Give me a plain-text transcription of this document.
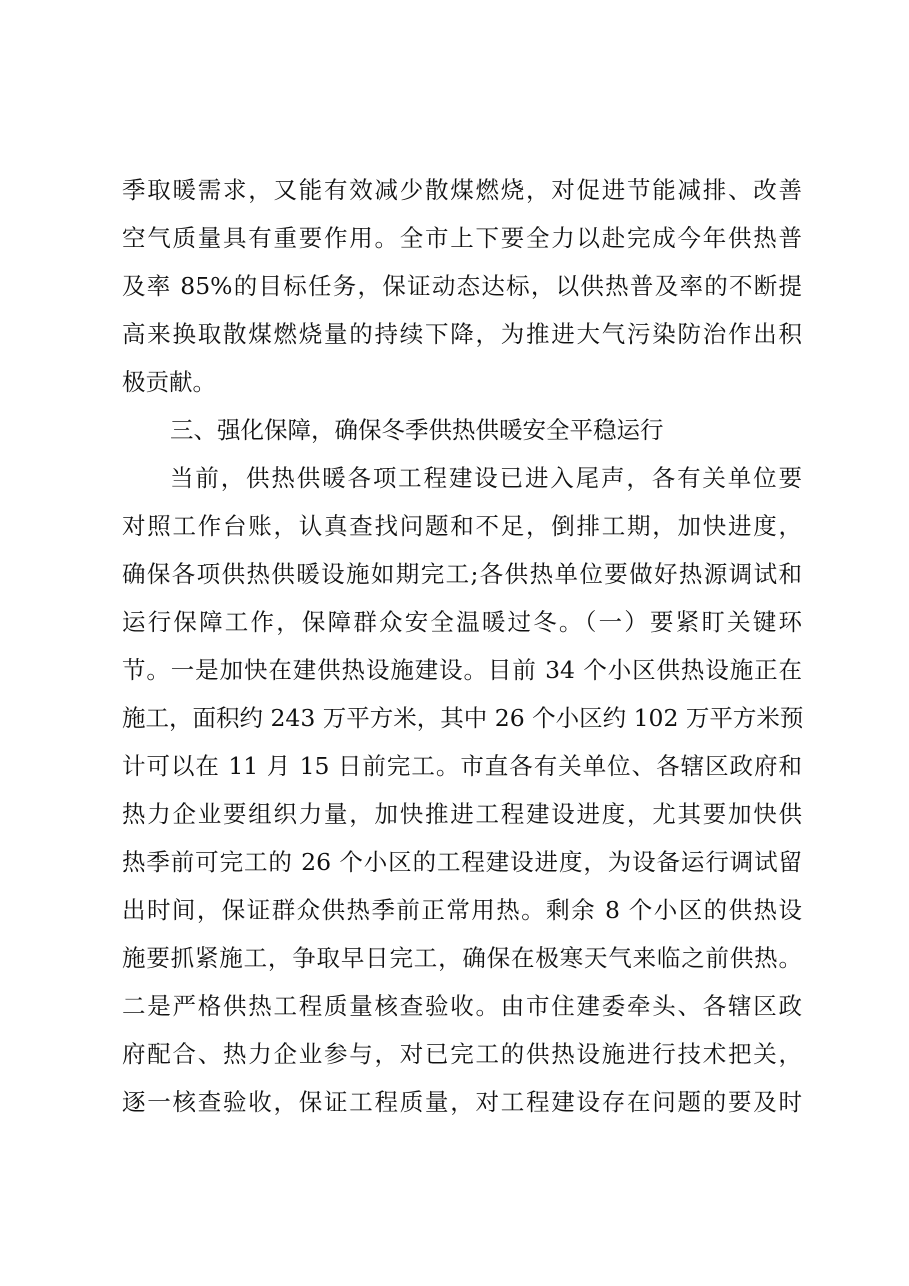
季取暖需求，又能有效减少散煤燃烧，对促进节能减排、改善
空气质量具有重要作用。全市上下要全力以赴完成今年供热普
及率 85%的目标任务，保证动态达标，以供热普及率的不断提
高来换取散煤燃烧量的持续下降，为推进大气污染防治作出积
极贡献。
三、强化保障，确保冬季供热供暖安全平稳运行
当前，供热供暖各项工程建设已进入尾声，各有关单位要
对照工作台账，认真查找问题和不足，倒排工期，加快进度，
确保各项供热供暖设施如期完工;各供热单位要做好热源调试和
运行保障工作，保障群众安全温暖过冬。（一）要紧盯关键环
节。一是加快在建供热设施建设。目前 34 个小区供热设施正在
施工，面积约 243 万平方米，其中 26 个小区约 102 万平方米预
计可以在 11 月 15 日前完工。市直各有关单位、各辖区政府和
热力企业要组织力量，加快推进工程建设进度，尤其要加快供
热季前可完工的 26 个小区的工程建设进度，为设备运行调试留
出时间，保证群众供热季前正常用热。剩余 8 个小区的供热设
施要抓紧施工，争取早日完工，确保在极寒天气来临之前供热。
二是严格供热工程质量核查验收。由市住建委牵头、各辖区政
府配合、热力企业参与，对已完工的供热设施进行技术把关，
逐一核查验收，保证工程质量，对工程建设存在问题的要及时
